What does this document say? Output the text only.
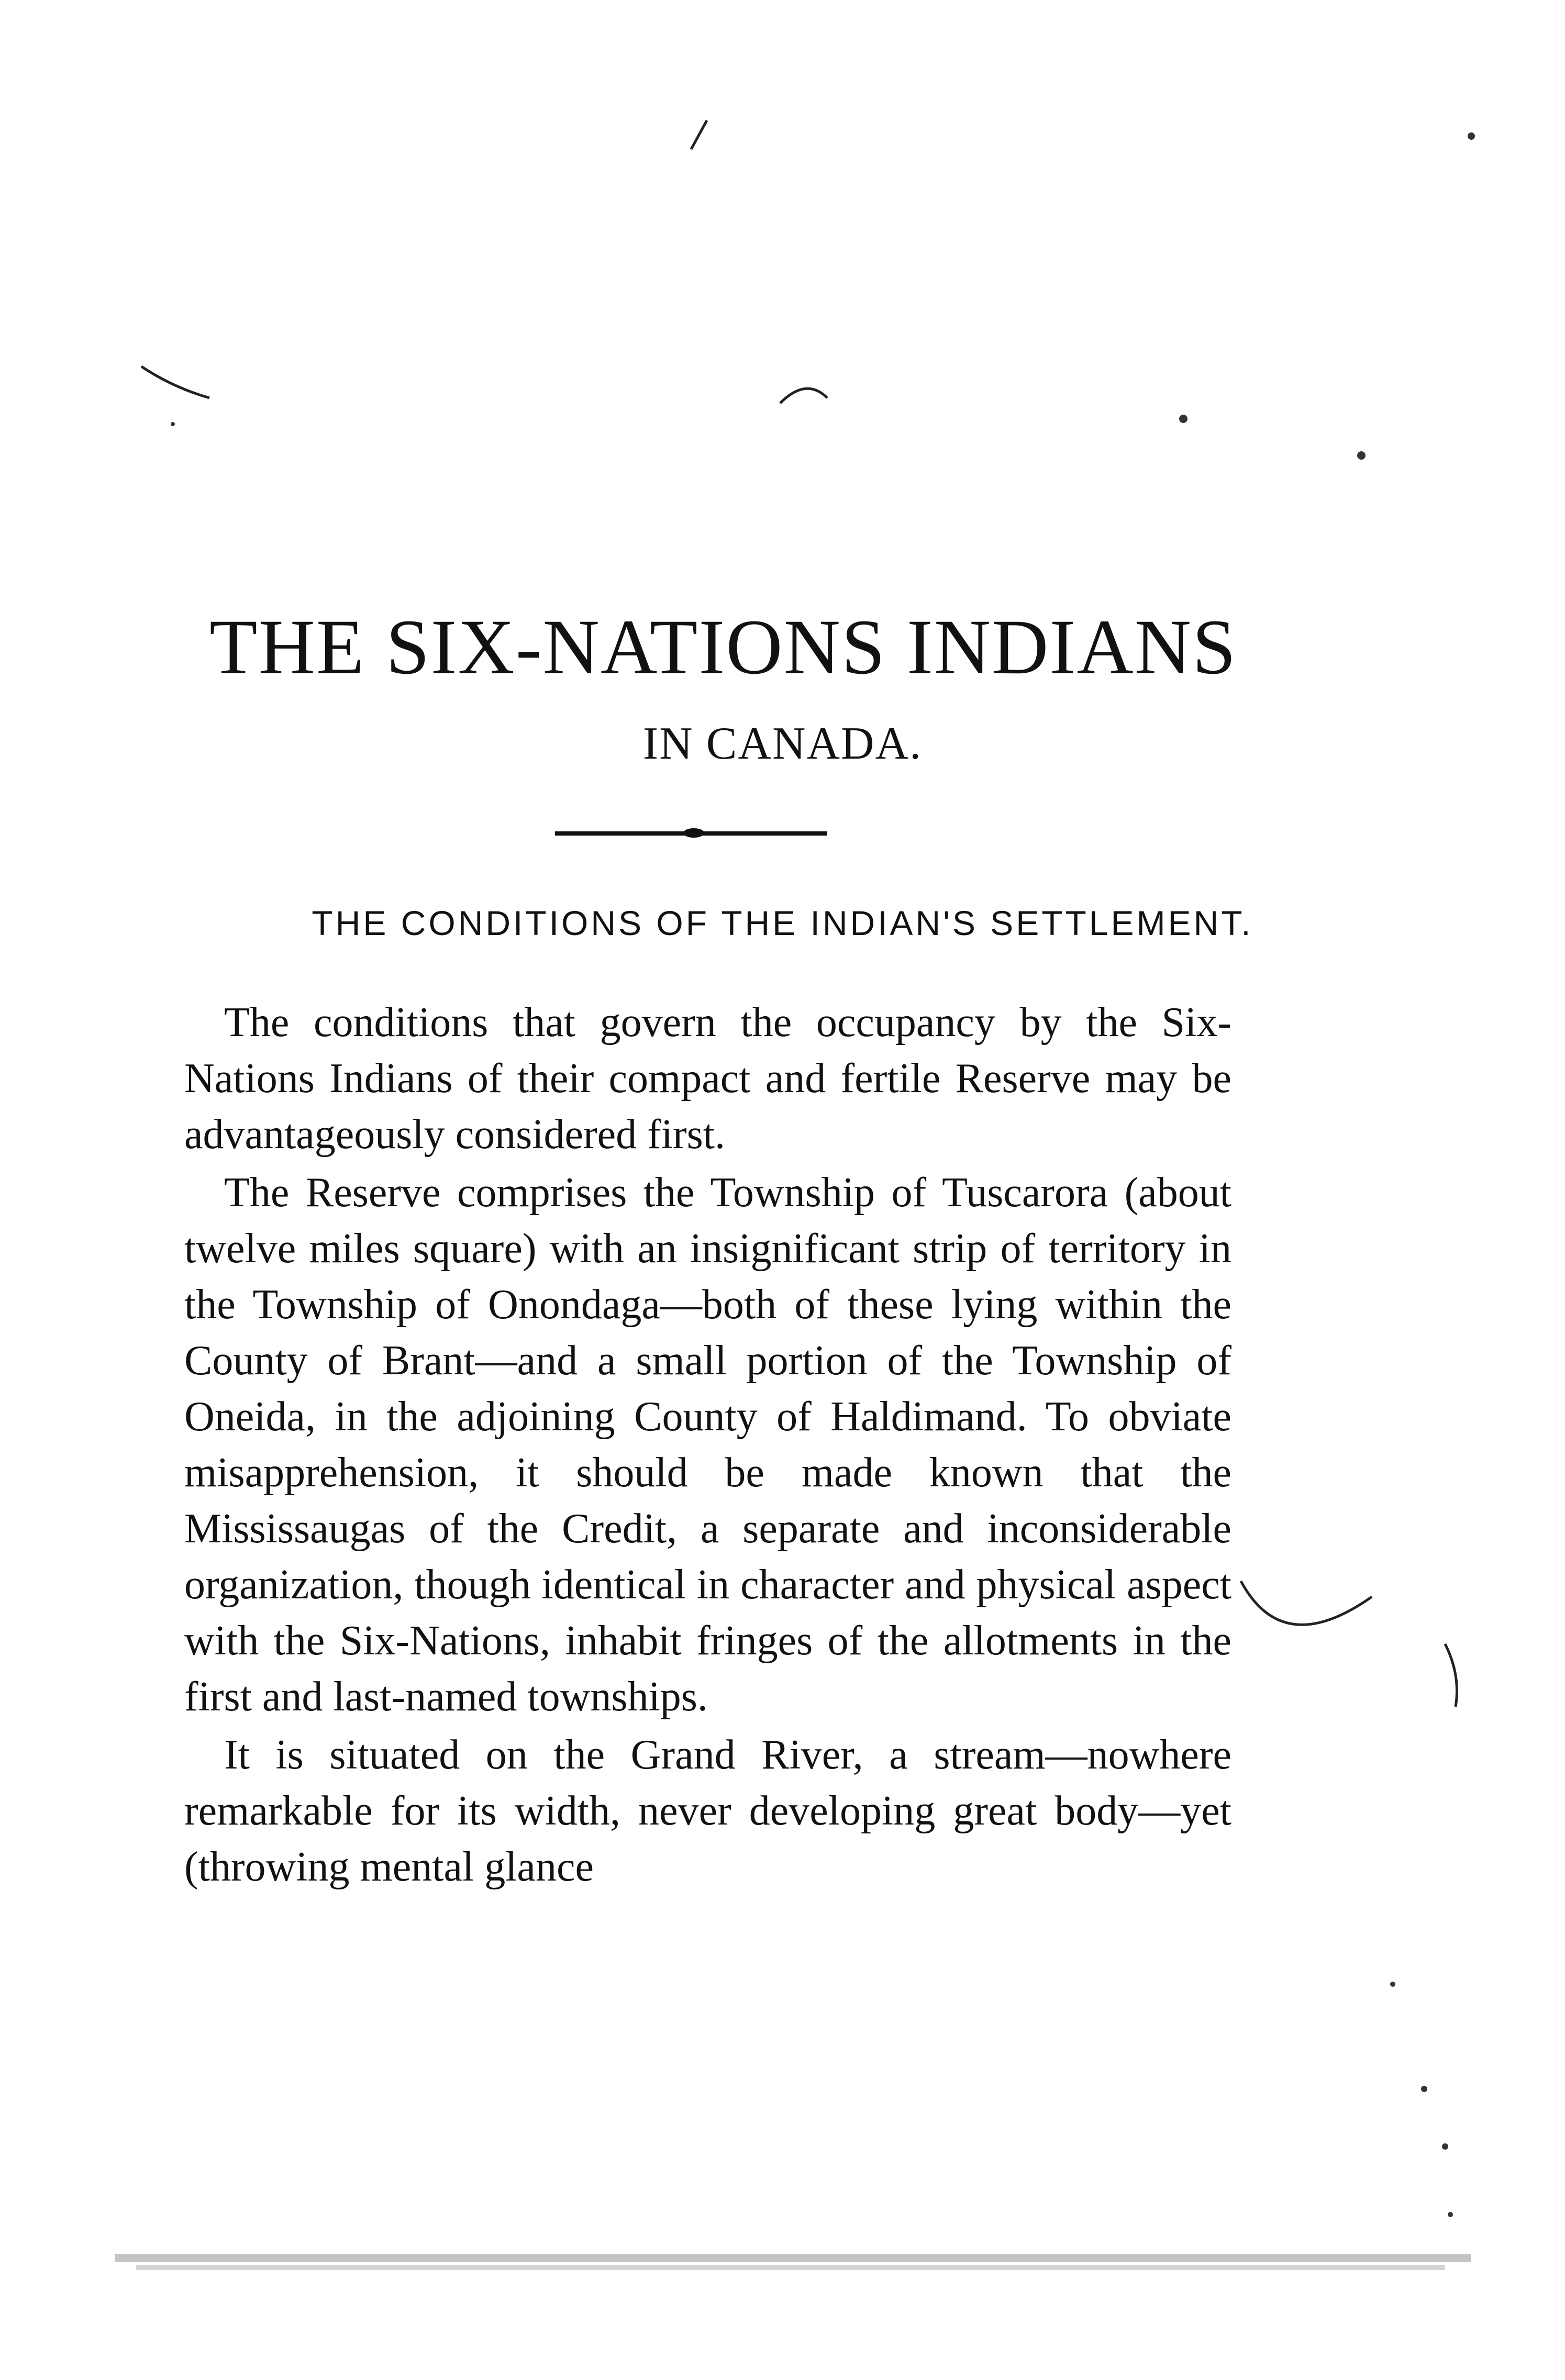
THE SIX-NATIONS INDIANS
IN CANADA.
THE CONDITIONS OF THE INDIAN'S SETTLEMENT.

The conditions that govern the occupancy by the Six-Nations Indians of their compact and fertile Reserve may be advantageously considered first.

The Reserve comprises the Township of Tuscarora (about twelve miles square) with an insignificant strip of territory in the Township of Onondaga—both of these lying within the County of Brant—and a small portion of the Township of Oneida, in the adjoining County of Haldimand. To obviate misapprehension, it should be made known that the Mississaugas of the Credit, a separate and inconsiderable organization, though identical in character and physical aspect with the Six-Nations, inhabit fringes of the allotments in the first and last-named townships.

It is situated on the Grand River, a stream—nowhere remarkable for its width, never developing great body—yet (throwing mental glance
